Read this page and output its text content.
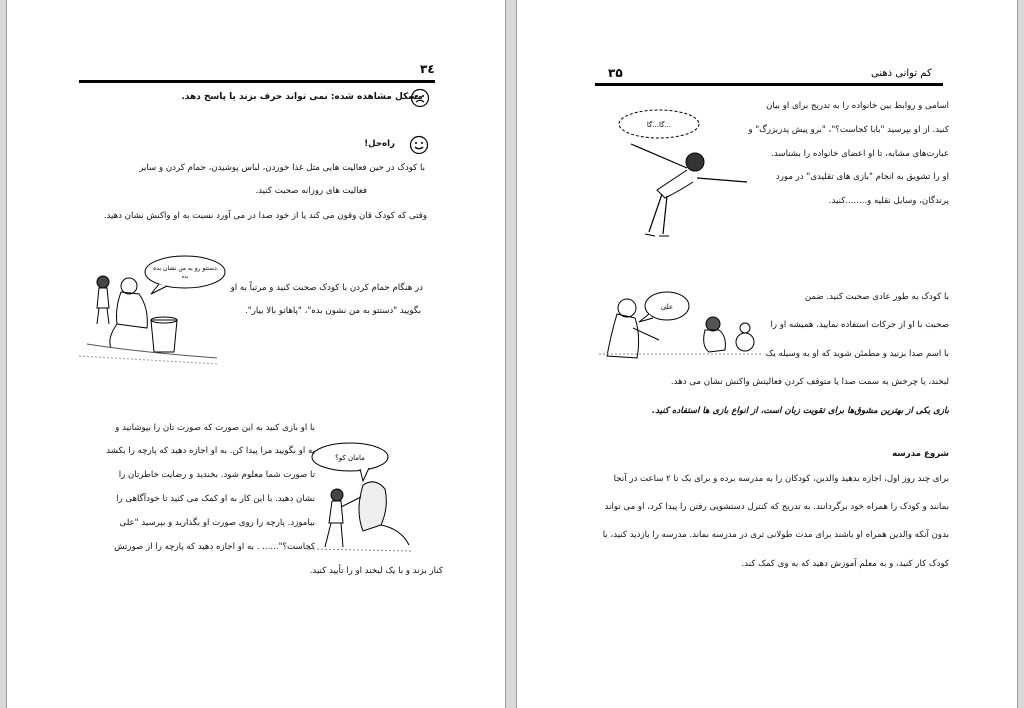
۳٤
مشکل مشاهده شده: نمی تواند حرف بزند یا پاسخ دهد.
راه‌حل!
با کودک در حین فعالیت هایی مثل غذا خوردن، لباس پوشیدن، حمام کردن و سایر
فعالیت های روزانه صحبت کنید.
وقتی که کودک قان وقون می کند یا از خود صدا در می آورد نسبت به او واکنش نشان دهید.
دستتو رو به من نشان بده
بده
در هنگام حمام کردن با کودک صحبت کنید و مرتباً به او
بگویید "دستتو به من نشون بده"، "پاهاتو بالا بیار".
مامان کو؟
با او بازی کنید به این صورت که صورت تان را بپوشانید و
به او بگویید مرا پیدا کن. به او اجازه دهید که پارچه را بکشد
تا صورت شما معلوم شود. بخندید و رضایت خاطرتان را
نشان دهید. با این کار به او کمک می کنید تا خودآگاهی را
بیاموزد. پارچه را روی صورت او بگذارید و بپرسید "علی
کجاست؟"...... . به او اجازه دهید که پارچه را از صورتش
کنار بزند و با یک لبخند او را تأیید کنید.
کم توانی ذهنی
۳۵
گا...گا...
اسامی و روابط بین خانواده را به تدریج برای او بیان
کنید. از او بپرسید "بابا کجاست؟"، "برو پیش پدربزرگ" و
عبارت‌های مشابه، تا او اعضای خانواده را بشناسد.
او را تشویق به انجام "بازی های تقلیدی" در مورد
پرندگان، وسایل نقلیه و........کنید.
علی
با کودک به طور عادی صحبت کنید. ضمن
صحبت با او از حرکات استفاده نمایید. همیشه او را
با اسم صدا بزنید و مطمئن شوید که او به وسیله یک
لبخند، یا چرخش به سمت صدا یا متوقف کردن فعالیتش واکنش نشان می دهد.
بازی یکی از بهترین مشوق‌ها برای تقویت زبان است، از انواع بازی ها استفاده کنید.
شروع مدرسه
برای چند روز اول، اجازه بدهید والدین، کودکان را به مدرسه برده و برای یک تا ۲ ساعت در آنجا
بمانند و کودک را همراه خود برگردانند. به تدریج که کنترل دستشویی رفتن را پیدا کرد، او می تواند
بدون آنکه والدین همراه او باشند برای مدت طولانی تری در مدرسه بماند. مدرسه را بازدید کنید، با
کودک کار کنید، و به معلم آموزش دهید که به وی کمک کند.
